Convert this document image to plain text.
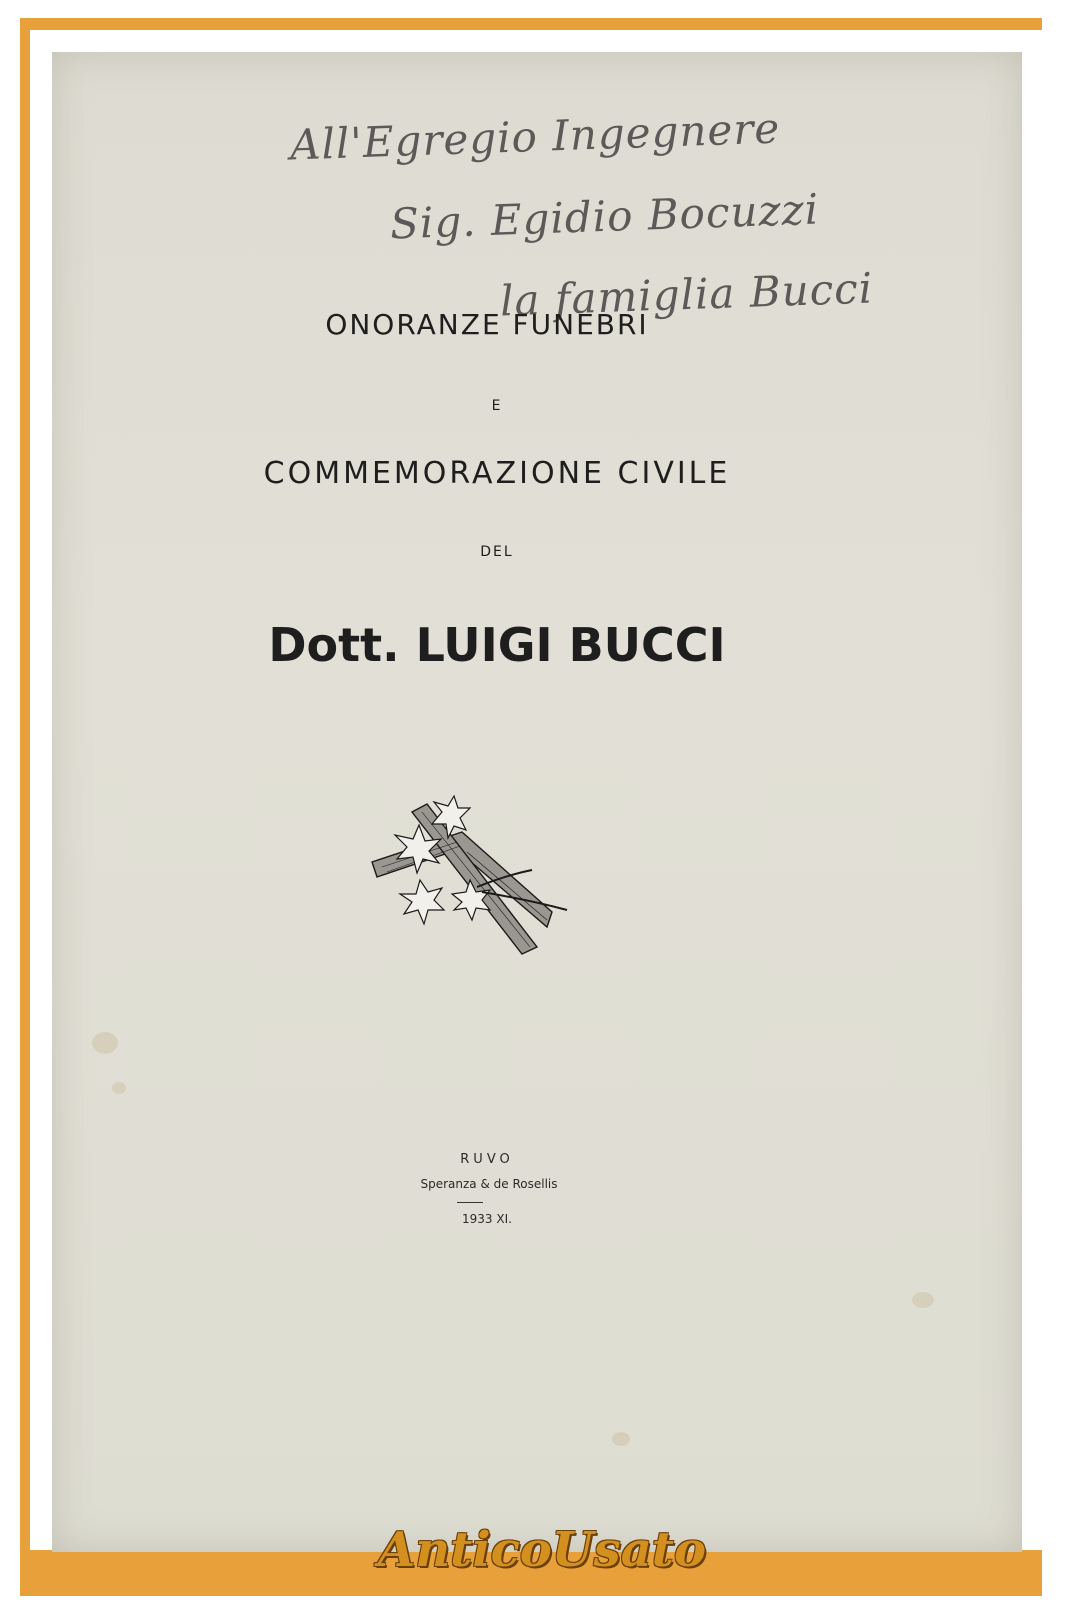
All'Egregio Ingegnere
Sig. Egidio Bocuzzi
la famiglia Bucci

ONORANZE FUNEBRI

E

COMMEMORAZIONE CIVILE

DEL

Dott. LUIGI BUCCI

RUVO

Speranza & de Rosellis

1933 XI.

AnticoUsato
